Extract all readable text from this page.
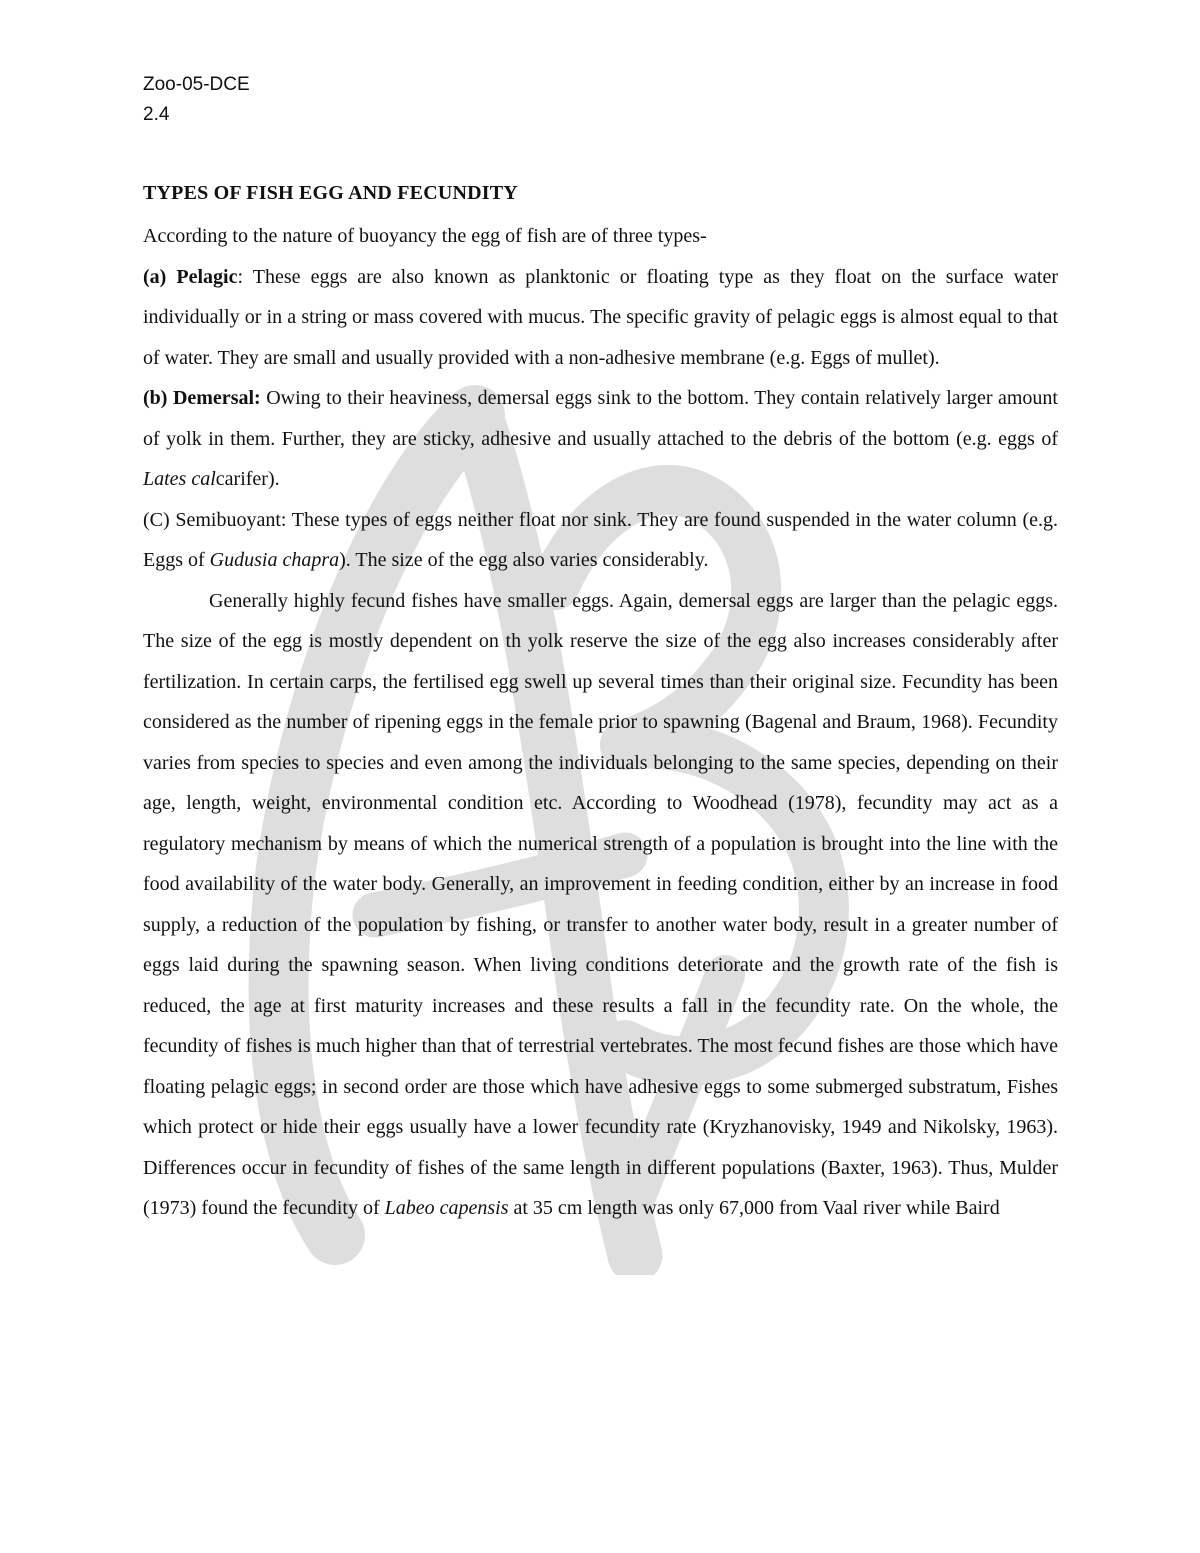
Zoo-05-DCE
2.4
TYPES OF FISH EGG AND FECUNDITY

According to the nature of buoyancy the egg of fish are of three types-

(a) Pelagic: These eggs are also known as planktonic or floating type as they float on the surface water individually or in a string or mass covered with mucus. The specific gravity of pelagic eggs is almost equal to that of water. They are small and usually provided with a non-adhesive membrane (e.g. Eggs of mullet).

(b) Demersal: Owing to their heaviness, demersal eggs sink to the bottom. They contain relatively larger amount of yolk in them. Further, they are sticky, adhesive and usually attached to the debris of the bottom (e.g. eggs of Lates calcarifer).

(C) Semibuoyant: These types of eggs neither float nor sink. They are found suspended in the water column (e.g. Eggs of Gudusia chapra). The size of the egg also varies considerably.

Generally highly fecund fishes have smaller eggs. Again, demersal eggs are larger than the pelagic eggs. The size of the egg is mostly dependent on th yolk reserve the size of the egg also increases considerably after fertilization. In certain carps, the fertilised egg swell up several times than their original size. Fecundity has been considered as the number of ripening eggs in the female prior to spawning (Bagenal and Braum, 1968). Fecundity varies from species to species and even among the individuals belonging to the same species, depending on their age, length, weight, environmental condition etc. According to Woodhead (1978), fecundity may act as a regulatory mechanism by means of which the numerical strength of a population is brought into the line with the food availability of the water body. Generally, an improvement in feeding condition, either by an increase in food supply, a reduction of the population by fishing, or transfer to another water body, result in a greater number of eggs laid during the spawning season. When living conditions deteriorate and the growth rate of the fish is reduced, the age at first maturity increases and these results a fall in the fecundity rate. On the whole, the fecundity of fishes is much higher than that of terrestrial vertebrates. The most fecund fishes are those which have floating pelagic eggs; in second order are those which have adhesive eggs to some submerged substratum, Fishes which protect or hide their eggs usually have a lower fecundity rate (Kryzhanovisky, 1949 and Nikolsky, 1963). Differences occur in fecundity of fishes of the same length in different populations (Baxter, 1963). Thus, Mulder (1973) found the fecundity of Labeo capensis at 35 cm length was only 67,000 from Vaal river while Baird
